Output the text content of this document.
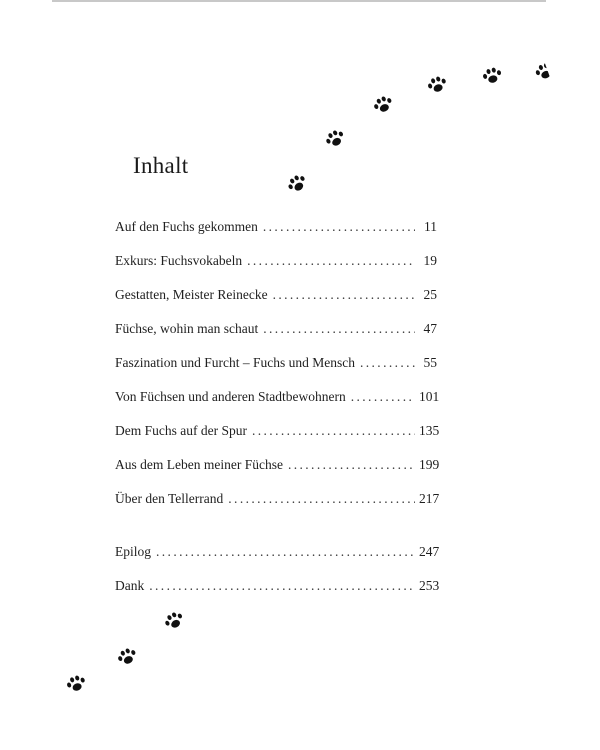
Inhalt
Auf den Fuchs gekommen .....	11
Exkurs: Fuchsvokabeln .....	19
Gestatten, Meister Reinecke .....	25
Füchse, wohin man schaut .....	47
Faszination und Furcht – Fuchs und Mensch .....	55
Von Füchsen und anderen Stadtbewohnern .....	101
Dem Fuchs auf der Spur .....	135
Aus dem Leben meiner Füchse .....	199
Über den Tellerrand .....	217
Epilog .....	247
Dank .....	253
